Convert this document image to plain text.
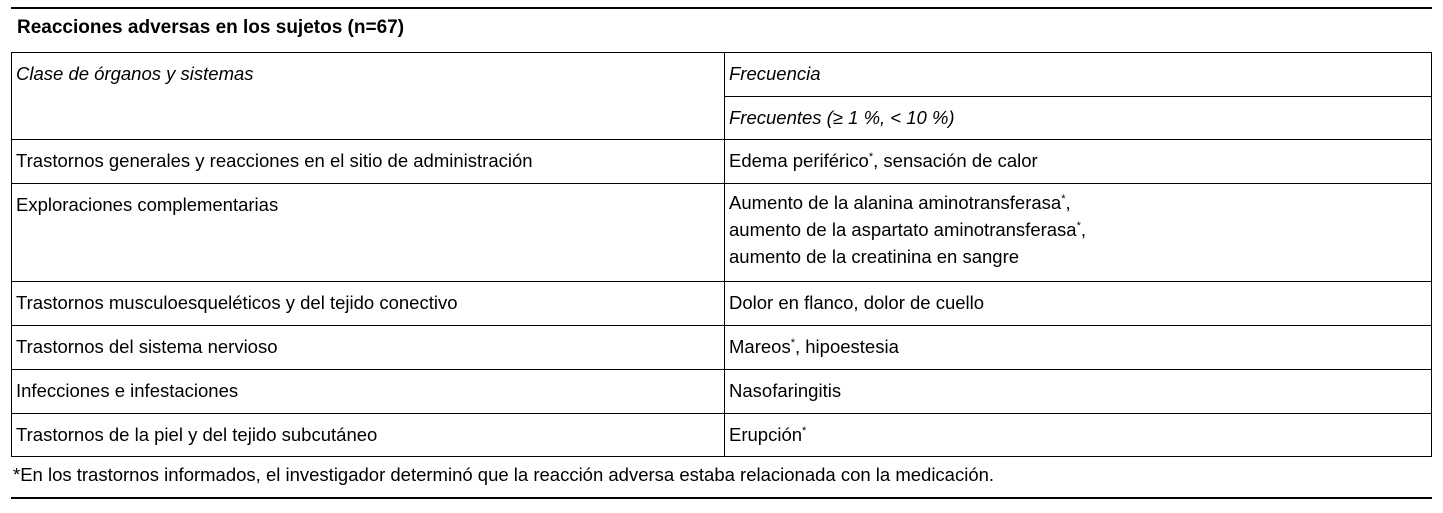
Reacciones adversas en los sujetos (n=67)
Clase de órganos y sistemas	Frecuencia
	Frecuentes (≥ 1 %, < 10 %)
Trastornos generales y reacciones en el sitio de administración	Edema periférico*, sensación de calor
Exploraciones complementarias	Aumento de la alanina aminotransferasa*,
aumento de la aspartato aminotransferasa*,
aumento de la creatinina en sangre

Trastornos musculoesqueléticos y del tejido conectivo	Dolor en flanco, dolor de cuello
Trastornos del sistema nervioso	Mareos*, hipoestesia
Infecciones e infestaciones	Nasofaringitis
Trastornos de la piel y del tejido subcutáneo	Erupción*
*En los trastornos informados, el investigador determinó que la reacción adversa estaba relacionada con la medicación.
